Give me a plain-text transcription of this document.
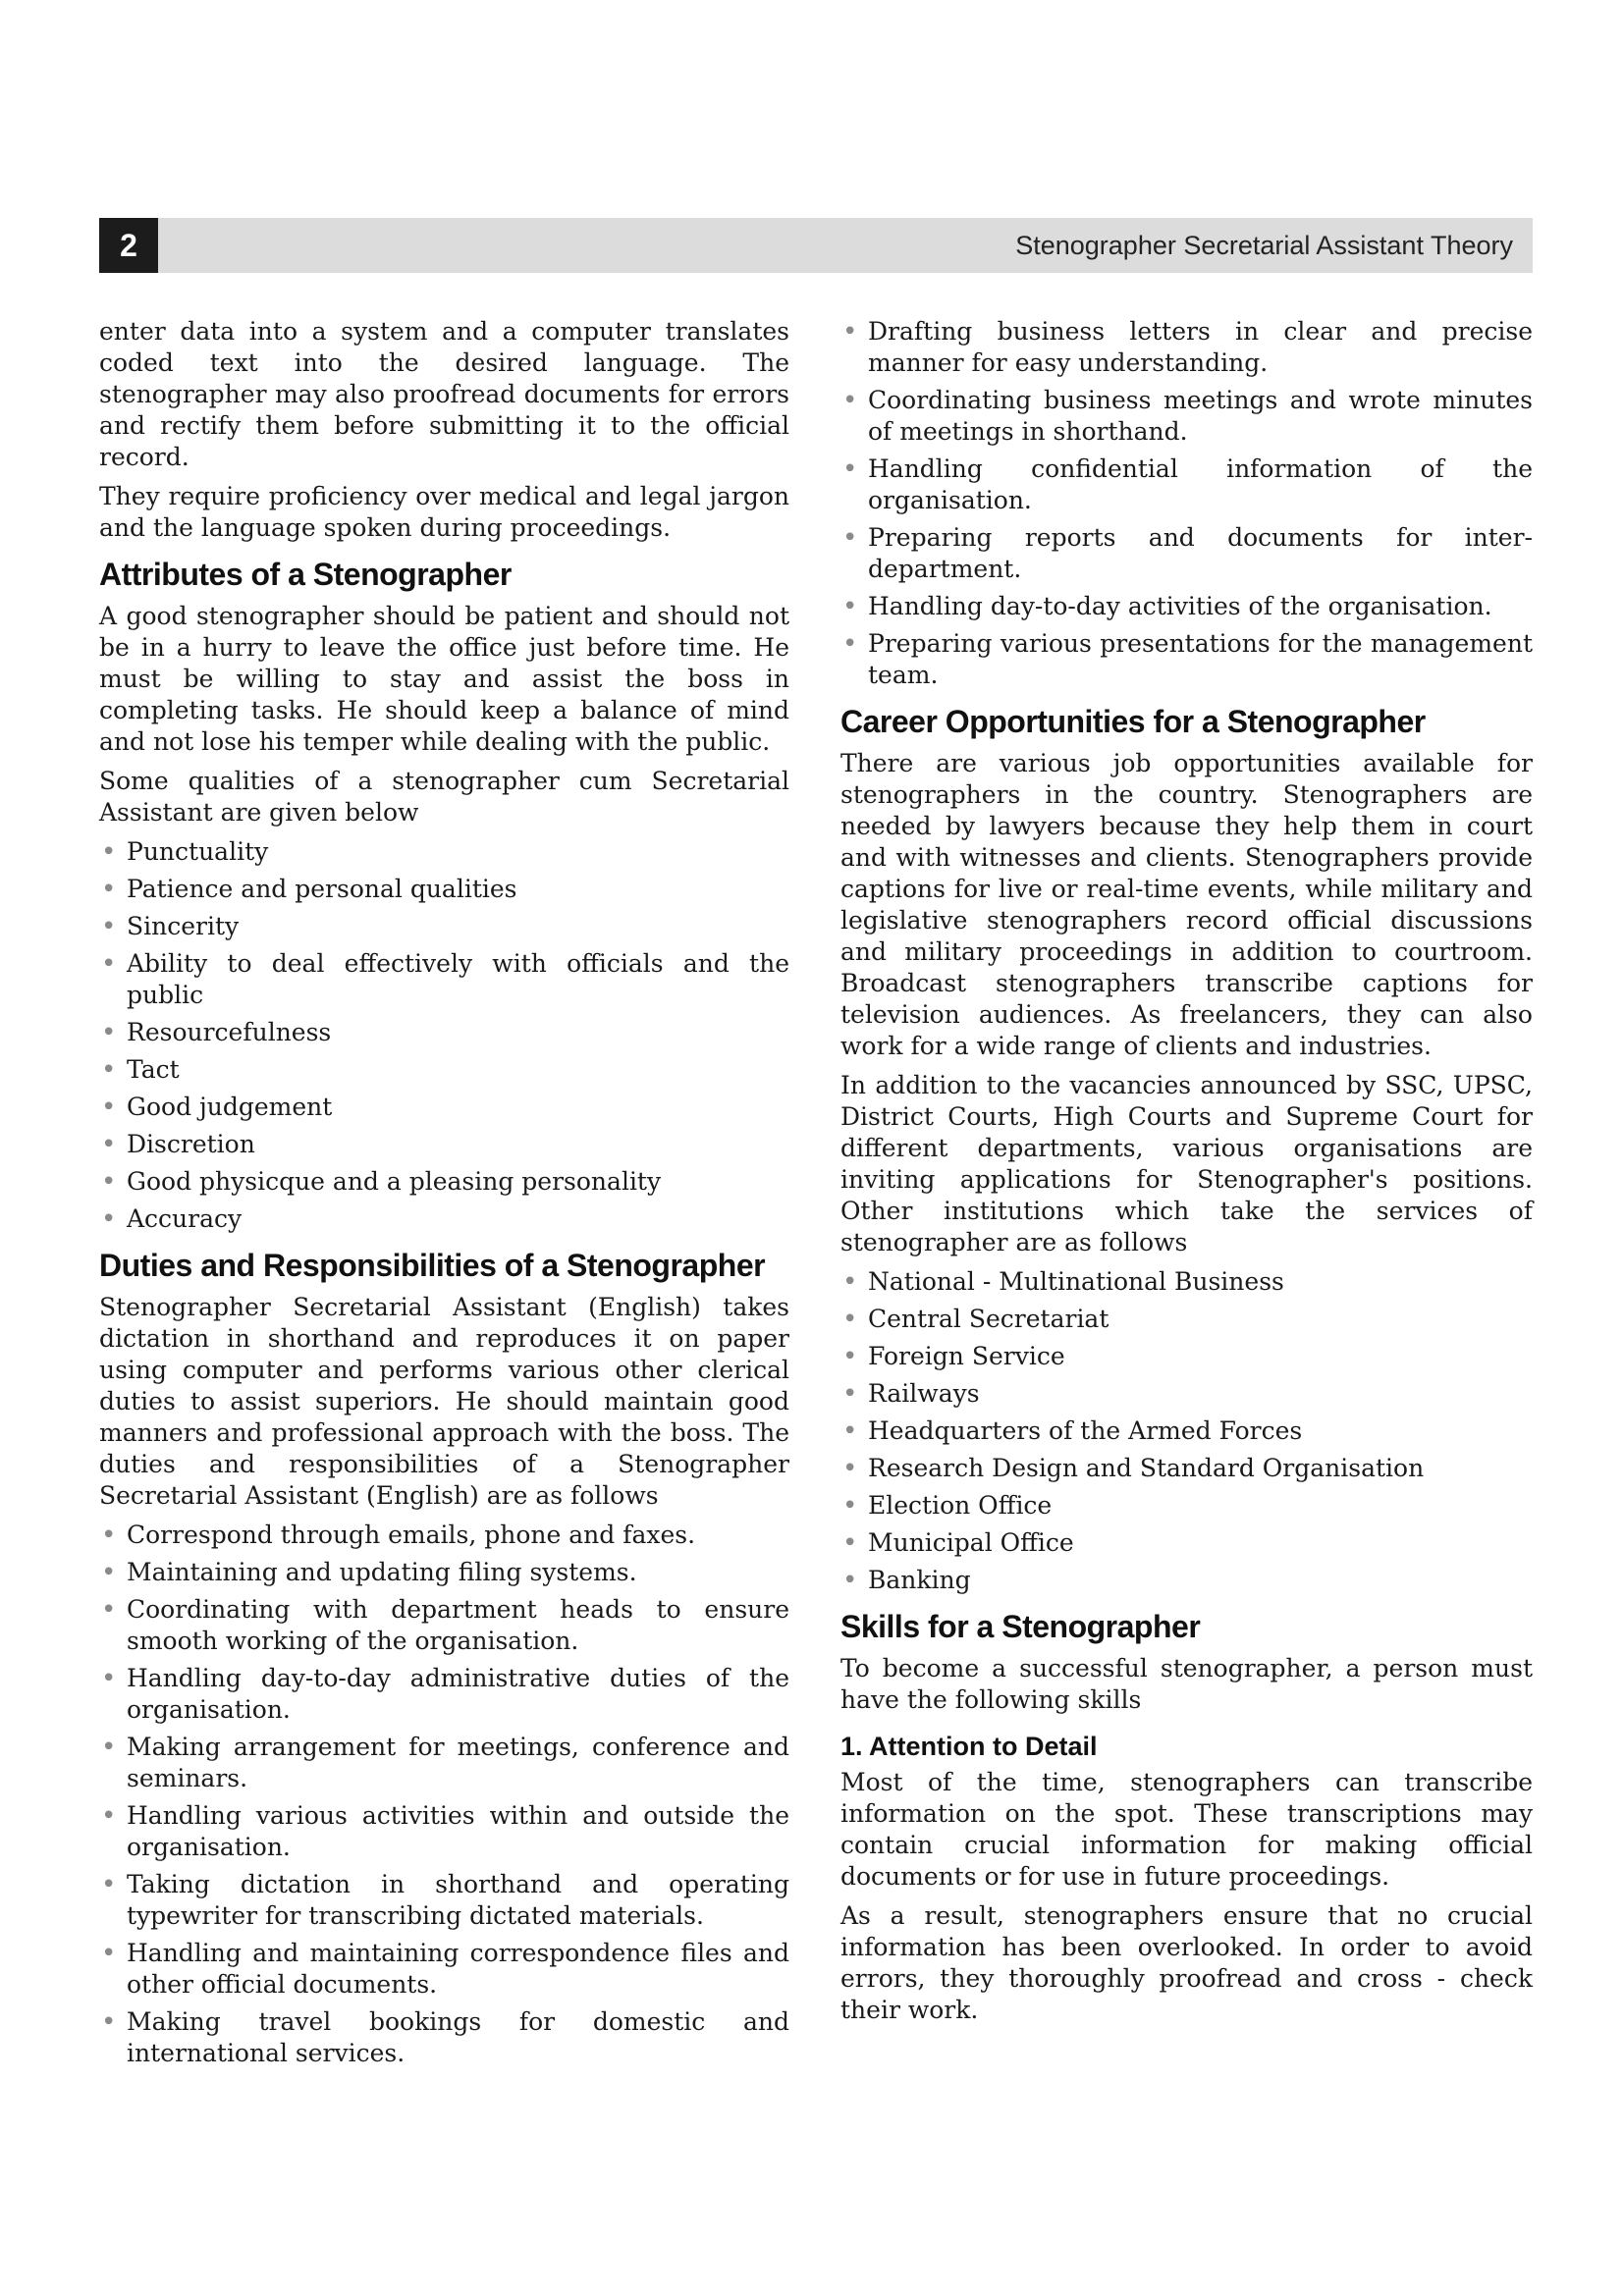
2	Stenographer Secretarial Assistant Theory

enter data into a system and a computer translates coded text into the desired language. The stenographer may also proofread documents for errors and rectify them before submitting it to the official record.

They require proficiency over medical and legal jargon and the language spoken during proceedings.

Attributes of a Stenographer

A good stenographer should be patient and should not be in a hurry to leave the office just before time. He must be willing to stay and assist the boss in completing tasks. He should keep a balance of mind and not lose his temper while dealing with the public.

Some qualities of a stenographer cum Secretarial Assistant are given below

• Punctuality
• Patience and personal qualities
• Sincerity
• Ability to deal effectively with officials and the public
• Resourcefulness
• Tact
• Good judgement
• Discretion
• Good physicque and a pleasing personality
• Accuracy
Duties and Responsibilities of a Stenographer

Stenographer Secretarial Assistant (English) takes dictation in shorthand and reproduces it on paper using computer and performs various other clerical duties to assist superiors. He should maintain good manners and professional approach with the boss. The duties and responsibilities of a Stenographer Secretarial Assistant (English) are as follows

• Correspond through emails, phone and faxes.
• Maintaining and updating filing systems.
• Coordinating with department heads to ensure smooth working of the organisation.
• Handling day-to-day administrative duties of the organisation.
• Making arrangement for meetings, conference and seminars.
• Handling various activities within and outside the organisation.
• Taking dictation in shorthand and operating typewriter for transcribing dictated materials.
• Handling and maintaining correspondence files and other official documents.
• Making travel bookings for domestic and international services.
• Drafting business letters in clear and precise manner for easy understanding.
• Coordinating business meetings and wrote minutes of meetings in shorthand.
• Handling confidential information of the organisation.
• Preparing reports and documents for inter- department.
• Handling day-to-day activities of the organisation.
• Preparing various presentations for the management team.
Career Opportunities for a Stenographer

There are various job opportunities available for stenographers in the country. Stenographers are needed by lawyers because they help them in court and with witnesses and clients. Stenographers provide captions for live or real-time events, while military and legislative stenographers record official discussions and military proceedings in addition to courtroom. Broadcast stenographers transcribe captions for television audiences. As freelancers, they can also work for a wide range of clients and industries.

In addition to the vacancies announced by SSC, UPSC, District Courts, High Courts and Supreme Court for different departments, various organisations are inviting applications for Stenographer's positions. Other institutions which take the services of stenographer are as follows

• National - Multinational Business
• Central Secretariat
• Foreign Service
• Railways
• Headquarters of the Armed Forces
• Research Design and Standard Organisation
• Election Office
• Municipal Office
• Banking
Skills for a Stenographer

To become a successful stenographer, a person must have the following skills

1. Attention to Detail

Most of the time, stenographers can transcribe information on the spot. These transcriptions may contain crucial information for making official documents or for use in future proceedings.

As a result, stenographers ensure that no crucial information has been overlooked. In order to avoid errors, they thoroughly proofread and cross - check their work.
